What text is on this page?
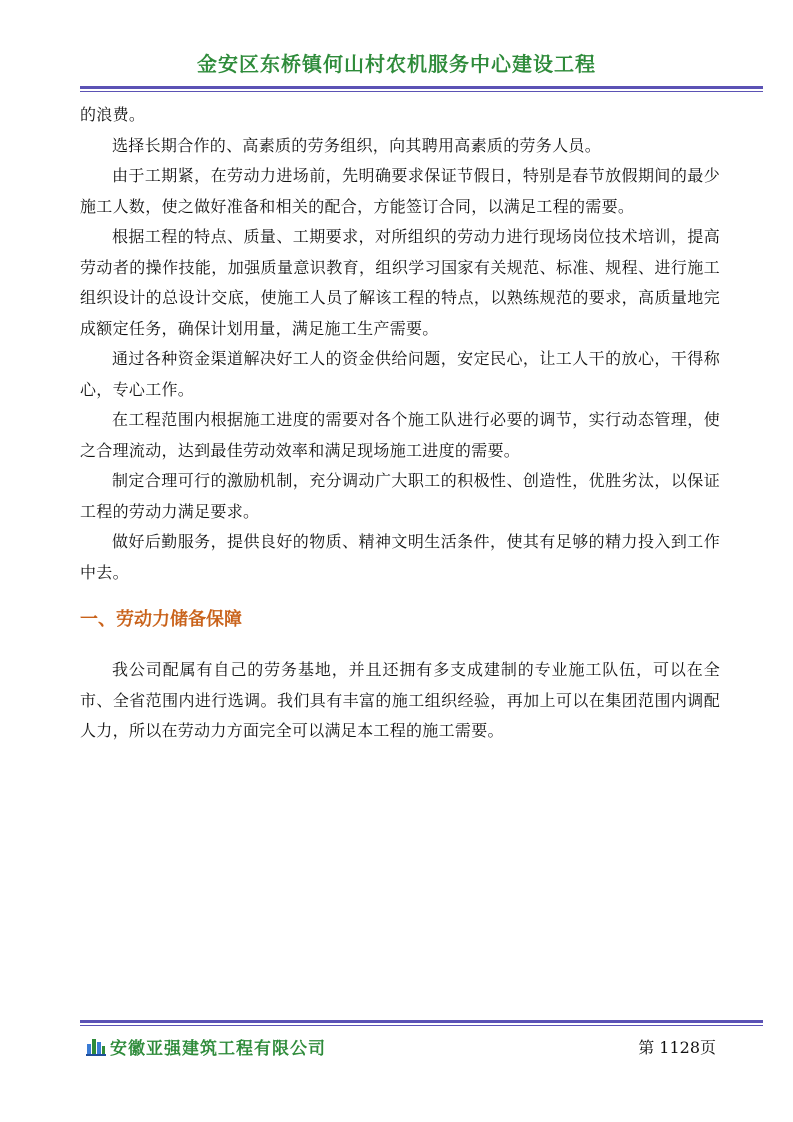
金安区东桥镇何山村农机服务中心建设工程

的浪费。

选择长期合作的、高素质的劳务组织，向其聘用高素质的劳务人员。

由于工期紧，在劳动力进场前，先明确要求保证节假日，特别是春节放假期间的最少施工人数，使之做好准备和相关的配合，方能签订合同，以满足工程的需要。

根据工程的特点、质量、工期要求，对所组织的劳动力进行现场岗位技术培训，提高劳动者的操作技能，加强质量意识教育，组织学习国家有关规范、标准、规程、进行施工组织设计的总设计交底，使施工人员了解该工程的特点，以熟练规范的要求，高质量地完成额定任务，确保计划用量，满足施工生产需要。

通过各种资金渠道解决好工人的资金供给问题，安定民心，让工人干的放心，干得称心，专心工作。

在工程范围内根据施工进度的需要对各个施工队进行必要的调节，实行动态管理，使之合理流动，达到最佳劳动效率和满足现场施工进度的需要。

制定合理可行的激励机制，充分调动广大职工的积极性、创造性，优胜劣汰，以保证工程的劳动力满足要求。

做好后勤服务，提供良好的物质、精神文明生活条件，使其有足够的精力投入到工作中去。

一、劳动力储备保障

我公司配属有自己的劳务基地，并且还拥有多支成建制的专业施工队伍，可以在全市、全省范围内进行选调。我们具有丰富的施工组织经验，再加上可以在集团范围内调配人力，所以在劳动力方面完全可以满足本工程的施工需要。

安徽亚强建筑工程有限公司	第 1128页
